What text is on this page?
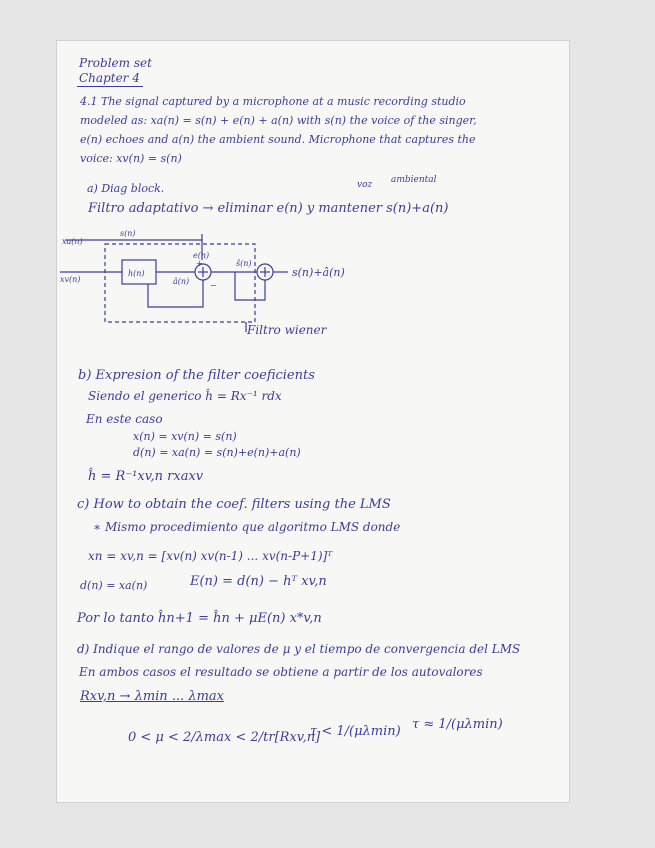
Problem set
Chapter 4
4.1 The signal captured by a microphone at a music recording studio
modeled as: xa(n) = s(n) + e(n) + a(n) with s(n) the voice of the singer,
e(n) echoes and a(n) the ambient sound. Microphone that captures the
voice: xv(n) = s(n)
a) Diag block.	voz ambiental
Filtro adaptativo → eliminar e(n) y mantener s(n)+a(n)
xa(n)
s(n)
xv(n)
h(n)
e(n)
ŝ(n)
â(n)
+
−
s(n)+â(n)
Filtro wiener
b) Expresion of the filter coeficients
Siendo el generico ĥ = Rx⁻¹ rdx
En este caso
x(n) = xv(n) = s(n)
d(n) = xa(n) = s(n)+e(n)+a(n)
ĥ = R⁻¹xv,n rxaxv
c) How to obtain the coef. filters using the LMS
∗ Mismo procedimiento que algoritmo LMS donde
xn = xv,n = [xv(n) xv(n-1) ... xv(n-P+1)]ᵀ
d(n) = xa(n)	E(n) = d(n) − hᵀ xv,n
Por lo tanto ĥn+1 = ĥn + μE(n) x*v,n
d) Indique el rango de valores de μ y el tiempo de convergencia del LMS
En ambos casos el resultado se obtiene a partir de los autovalores
Rxv,n → λmin ... λmax
0 < μ < 2/λmax < 2/tr[Rxv,n]
τ < 1/(μλmin) τ ≈ 1/(μλmin)
